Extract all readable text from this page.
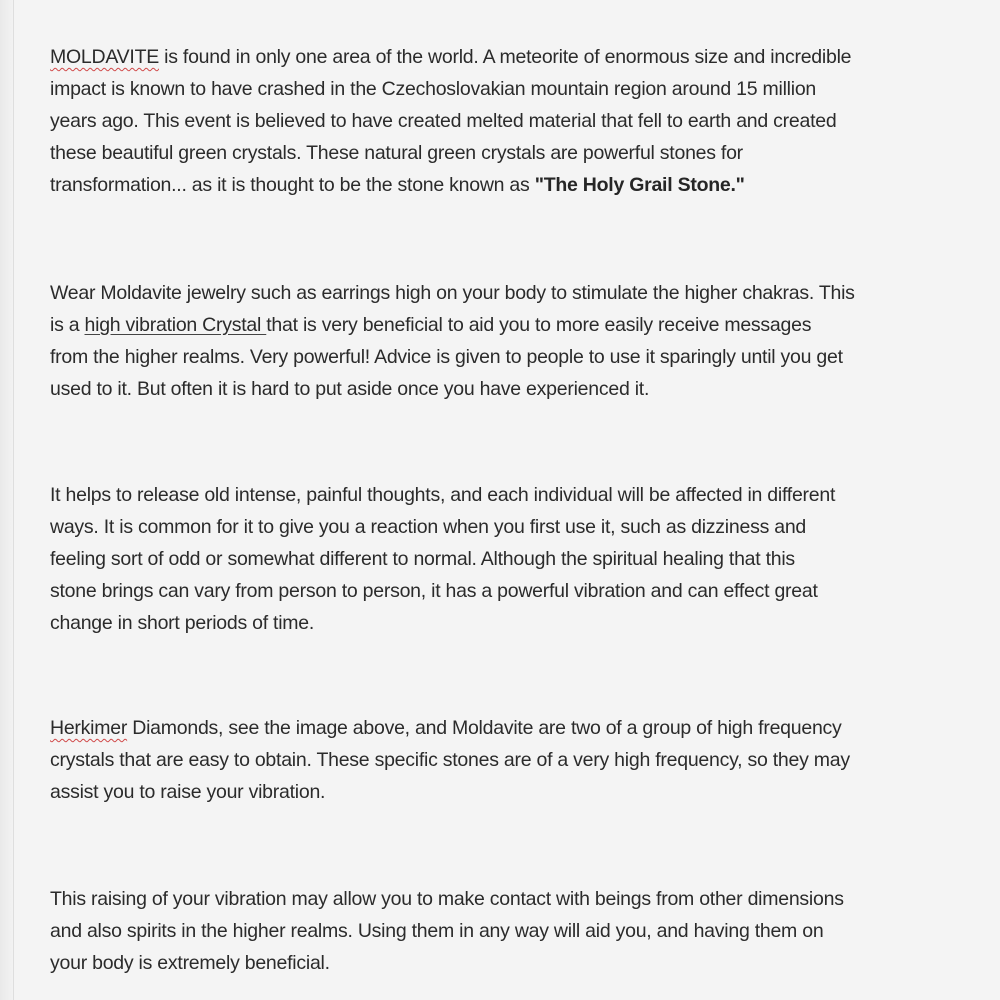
MOLDAVITE is found in only one area of the world. A meteorite of enormous size and incredible
impact is known to have crashed in the Czechoslovakian mountain region around 15 million
years ago. This event is believed to have created melted material that fell to earth and created
these beautiful green crystals. These natural green crystals are powerful stones for
transformation... as it is thought to be the stone known as "The Holy Grail Stone."

Wear Moldavite jewelry such as earrings high on your body to stimulate the higher chakras. This
is a high vibration Crystal that is very beneficial to aid you to more easily receive messages
from the higher realms. Very powerful! Advice is given to people to use it sparingly until you get
used to it. But often it is hard to put aside once you have experienced it.

It helps to release old intense, painful thoughts, and each individual will be affected in different
ways. It is common for it to give you a reaction when you first use it, such as dizziness and
feeling sort of odd or somewhat different to normal. Although the spiritual healing that this
stone brings can vary from person to person, it has a powerful vibration and can effect great
change in short periods of time.

Herkimer Diamonds, see the image above, and Moldavite are two of a group of high frequency
crystals that are easy to obtain. These specific stones are of a very high frequency, so they may
assist you to raise your vibration.

This raising of your vibration may allow you to make contact with beings from other dimensions
and also spirits in the higher realms. Using them in any way will aid you, and having them on
your body is extremely beneficial.
